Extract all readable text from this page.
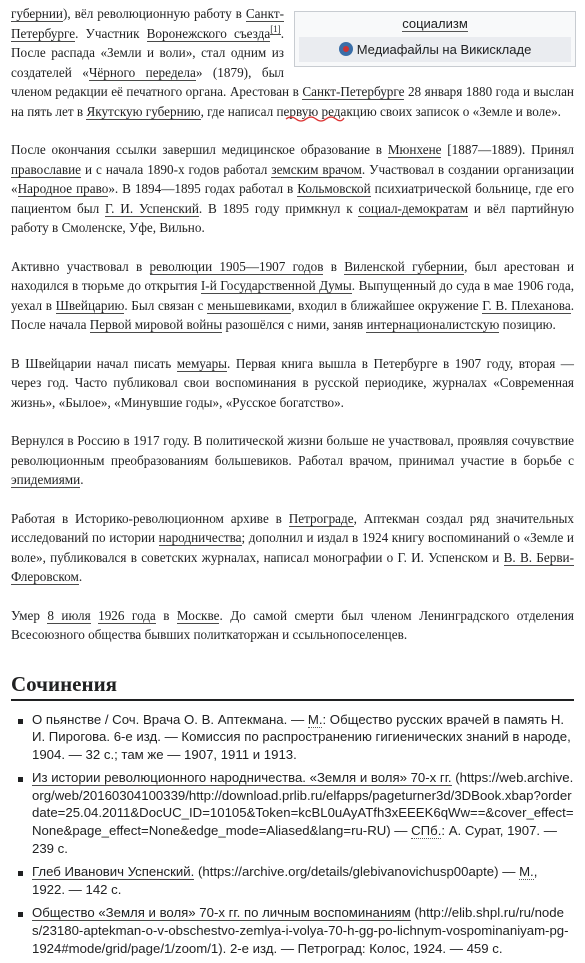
социализм
Медиафайлы на Викискладе

губернии), вёл революционную работу в Санкт-Петербурге. Участник Воронежского съезда[1]. После распада «Земли и воли», стал одним из создателей «Чёрного передела» (1879), был членом редакции её печатного органа. Арестован в Санкт-Петербурге 28 января 1880 года и выслан на пять лет в Якутскую губернию, где написал первую редакцию своих записок о «Земле и воле».

После окончания ссылки завершил медицинское образование в Мюнхене [1887—1889). Принял православие и с начала 1890-х годов работал земским врачом. Участвовал в создании организации «Народное право». В 1894—1895 годах работал в Кольмовской психиатрической больнице, где его пациентом был Г. И. Успенский. В 1895 году примкнул к социал-демократам и вёл партийную работу в Смоленске, Уфе, Вильно.

Активно участвовал в революции 1905—1907 годов в Виленской губернии, был арестован и находился в тюрьме до открытия I-й Государственной Думы. Выпущенный до суда в мае 1906 года, уехал в Швейцарию. Был связан с меньшевиками, входил в ближайшее окружение Г. В. Плеханова. После начала Первой мировой войны разошёлся с ними, заняв интернационалистскую позицию.

В Швейцарии начал писать мемуары. Первая книга вышла в Петербурге в 1907 году, вторая — через год. Часто публиковал свои воспоминания в русской периодике, журналах «Современная жизнь», «Былое», «Минувшие годы», «Русское богатство».

Вернулся в Россию в 1917 году. В политической жизни больше не участвовал, проявляя сочувствие революционным преобразованиям большевиков. Работал врачом, принимал участие в борьбе с эпидемиями.

Работая в Историко-революционном архиве в Петрограде, Аптекман создал ряд значительных исследований по истории народничества; дополнил и издал в 1924 книгу воспоминаний о «Земле и воле», публиковался в советских журналах, написал монографии о Г. И. Успенском и В. В. Берви-Флеровском.

Умер 8 июля 1926 года в Москве. До самой смерти был членом Ленинградского отделения Всесоюзного общества бывших политкаторжан и ссыльнопоселенцев.

Сочинения
О пьянстве / Соч. Врача О. В. Аптекмана. — М.: Общество русских врачей в память Н. И. Пирогова. 6-е изд. — Комиссия по распространению гигиенических знаний в народе, 1904. — 32 с.; там же — 1907, 1911 и 1913.
Из истории революционного народничества. «Земля и воля» 70-х гг. (https://web.archive.org/web/20160304100339/http://download.prlib.ru/elfapps/pageturner3d/3DBook.xbap?orderdate=25.04.2011&DocUC_ID=10105&Token=kcBL0uAyATfh3xEEEK6qWw==&cover_effect=None&page_effect=None&edge_mode=Aliased&lang=ru-RU) — СПб.: А. Сурат, 1907. — 239 с.
Глеб Иванович Успенский. (https://archive.org/details/glebivanovichusp00apte) — М., 1922. — 142 с.
Общество «Земля и воля» 70-х гг. по личным воспоминаниям (http://elib.shpl.ru/ru/nodes/23180-aptekman-o-v-obschestvo-zemlya-i-volya-70-h-gg-po-lichnym-vospominaniyam-pg-1924#mode/grid/page/1/zoom/1). 2-е изд. — Петроград: Колос, 1924. — 459 с.
